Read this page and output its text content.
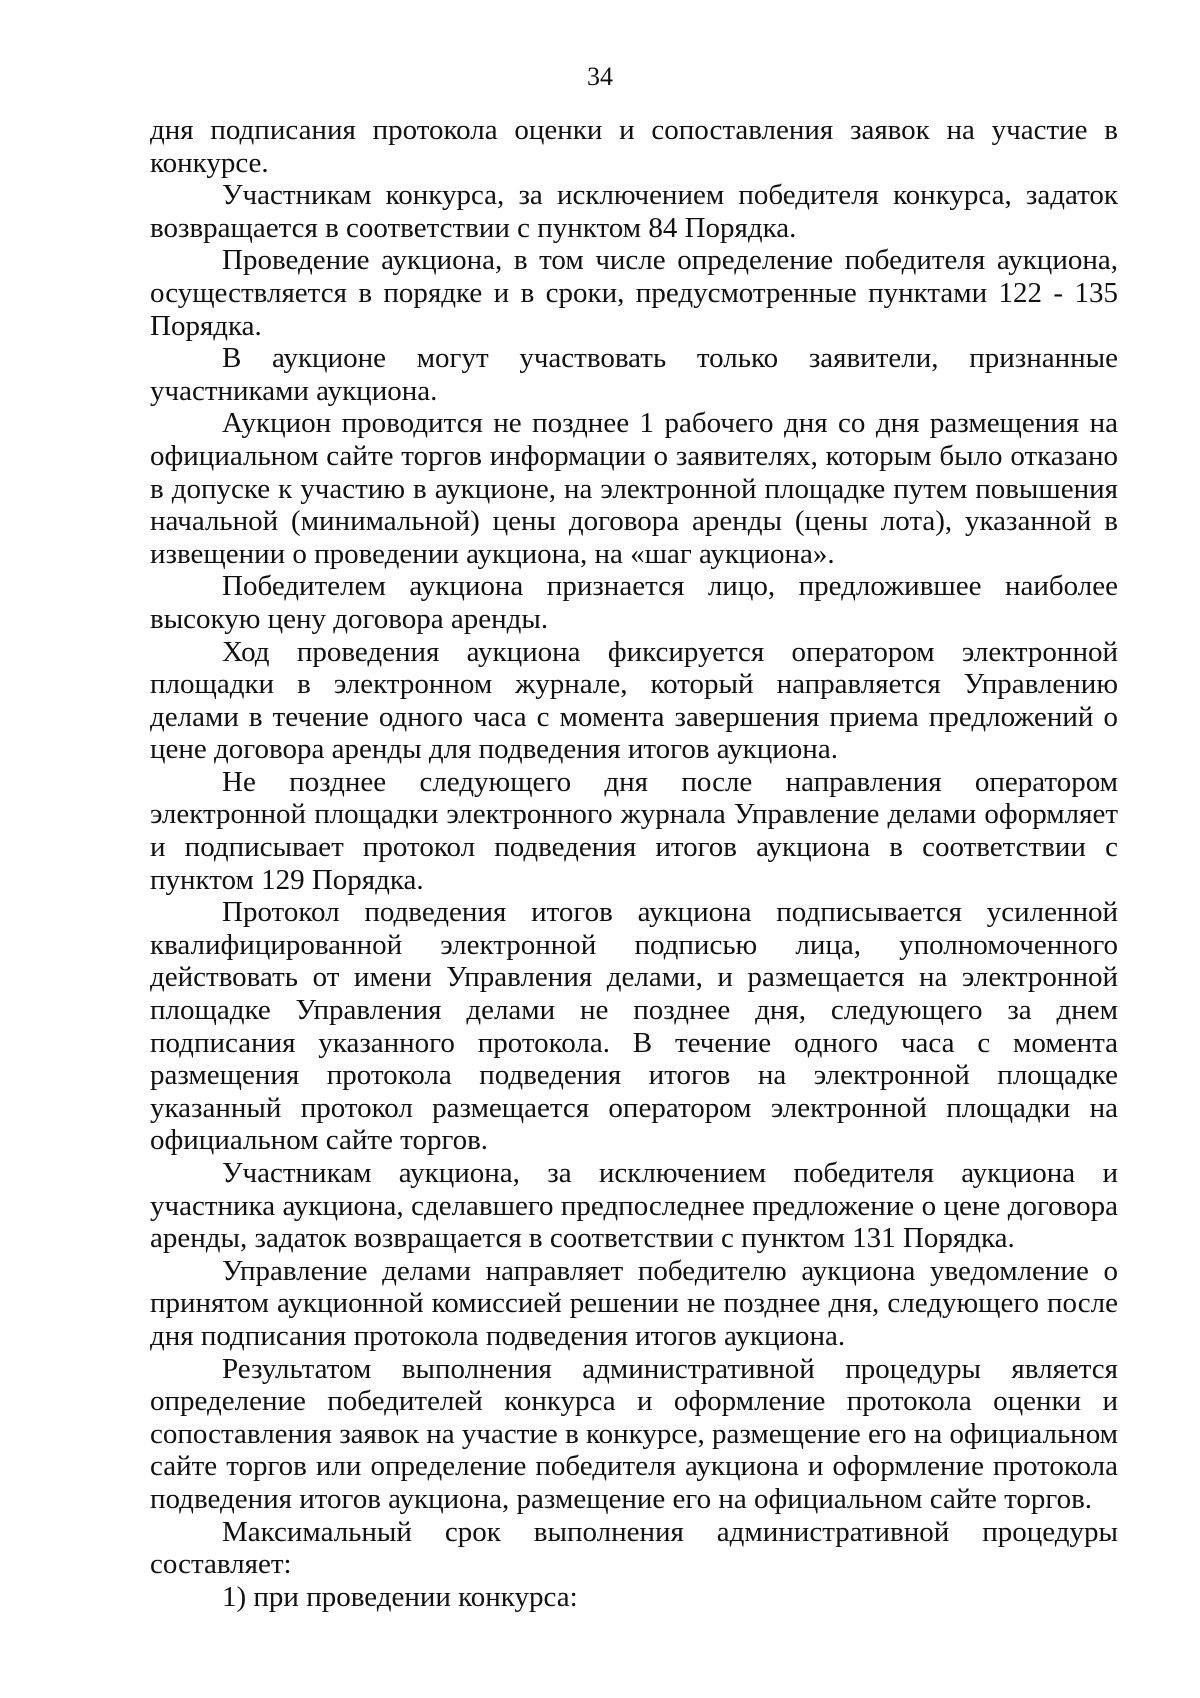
34

дня подписания протокола оценки и сопоставления заявок на участие в конкурсе.

Участникам конкурса, за исключением победителя конкурса, задаток возвращается в соответствии с пунктом 84 Порядка.

Проведение аукциона, в том числе определение победителя аукциона, осуществляется в порядке и в сроки, предусмотренные пунктами 122 - 135 Порядка.

В аукционе могут участвовать только заявители, признанные участниками аукциона.

Аукцион проводится не позднее 1 рабочего дня со дня размещения на официальном сайте торгов информации о заявителях, которым было отказано в допуске к участию в аукционе, на электронной площадке путем повышения начальной (минимальной) цены договора аренды (цены лота), указанной в извещении о проведении аукциона, на «шаг аукциона».

Победителем аукциона признается лицо, предложившее наиболее высокую цену договора аренды.

Ход проведения аукциона фиксируется оператором электронной площадки в электронном журнале, который направляется Управлению делами в течение одного часа с момента завершения приема предложений о цене договора аренды для подведения итогов аукциона.

Не позднее следующего дня после направления оператором электронной площадки электронного журнала Управление делами оформляет и подписывает протокол подведения итогов аукциона в соответствии с пунктом 129 Порядка.

Протокол подведения итогов аукциона подписывается усиленной квалифицированной электронной подписью лица, уполномоченного действовать от имени Управления делами, и размещается на электронной площадке Управления делами не позднее дня, следующего за днем подписания указанного протокола. В течение одного часа с момента размещения протокола подведения итогов на электронной площадке указанный протокол размещается оператором электронной площадки на официальном сайте торгов.

Участникам аукциона, за исключением победителя аукциона и участника аукциона, сделавшего предпоследнее предложение о цене договора аренды, задаток возвращается в соответствии с пунктом 131 Порядка.

Управление делами направляет победителю аукциона уведомление о принятом аукционной комиссией решении не позднее дня, следующего после дня подписания протокола подведения итогов аукциона.

Результатом выполнения административной процедуры является определение победителей конкурса и оформление протокола оценки и сопоставления заявок на участие в конкурсе, размещение его на официальном сайте торгов или определение победителя аукциона и оформление протокола подведения итогов аукциона, размещение его на официальном сайте торгов.

Максимальный срок выполнения административной процедуры составляет:

1) при проведении конкурса:
